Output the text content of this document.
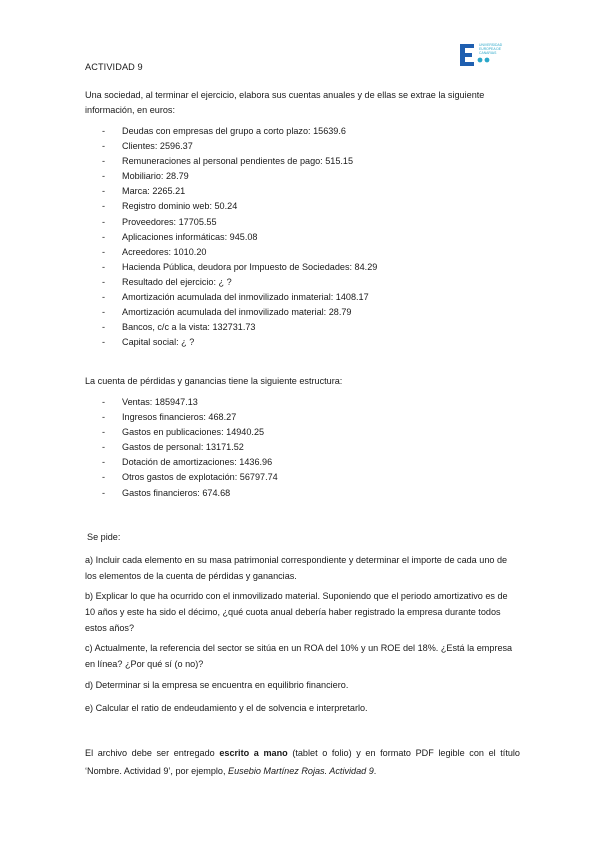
UNIVERSIDAD
EUROPEA DE
CANARIAS
ACTIVIDAD 9
Una sociedad, al terminar el ejercicio, elabora sus cuentas anuales y de ellas se extrae la siguiente información, en euros:
- Deudas con empresas del grupo a corto plazo: 15639.6
- Clientes: 2596.37
- Remuneraciones al personal pendientes de pago: 515.15
- Mobiliario: 28.79
- Marca: 2265.21
- Registro dominio web: 50.24
- Proveedores: 17705.55
- Aplicaciones informáticas: 945.08
- Acreedores: 1010.20
- Hacienda Pública, deudora por Impuesto de Sociedades: 84.29
- Resultado del ejercicio: ¿ ?
- Amortización acumulada del inmovilizado inmaterial: 1408.17
- Amortización acumulada del inmovilizado material: 28.79
- Bancos, c/c a la vista: 132731.73
- Capital social: ¿ ?
La cuenta de pérdidas y ganancias tiene la siguiente estructura:
- Ventas: 185947.13
- Ingresos financieros: 468.27
- Gastos en publicaciones: 14940.25
- Gastos de personal: 13171.52
- Dotación de amortizaciones: 1436.96
- Otros gastos de explotación: 56797.74
- Gastos financieros: 674.68
Se pide:
a) Incluir cada elemento en su masa patrimonial correspondiente y determinar el importe de cada uno de los elementos de la cuenta de pérdidas y ganancias.
b) Explicar lo que ha ocurrido con el inmovilizado material. Suponiendo que el periodo amortizativo es de 10 años y este ha sido el décimo, ¿qué cuota anual debería haber registrado la empresa durante todos estos años?
c) Actualmente, la referencia del sector se sitúa en un ROA del 10% y un ROE del 18%. ¿Está la empresa en línea? ¿Por qué sí (o no)?
d) Determinar si la empresa se encuentra en equilibrio financiero.
e) Calcular el ratio de endeudamiento y el de solvencia e interpretarlo.
El archivo debe ser entregado escrito a mano (tablet o folio) y en formato PDF legible con el título ‘Nombre. Actividad 9’, por ejemplo, Eusebio Martínez Rojas. Actividad 9.
